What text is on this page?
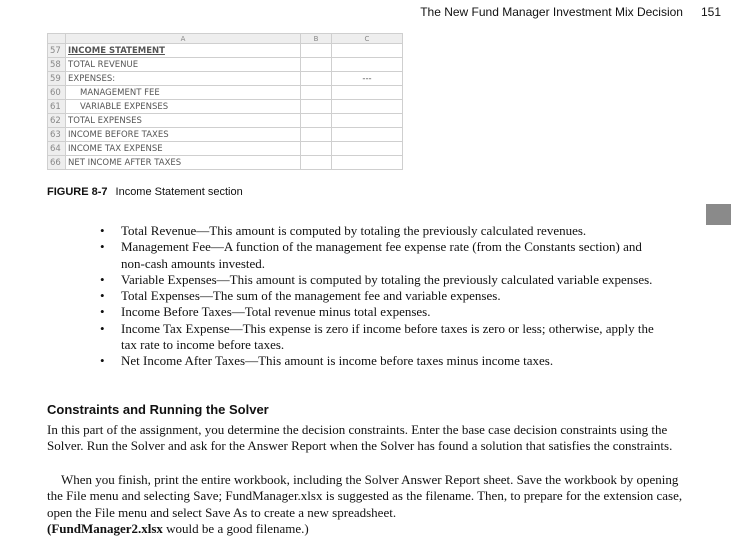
The New Fund Manager Investment Mix Decision 151
	A	B	C
57	INCOME STATEMENT		
58	TOTAL REVENUE		
59	EXPENSES:		---
60	MANAGEMENT FEE		
61	VARIABLE EXPENSES		
62	TOTAL EXPENSES		
63	INCOME BEFORE TAXES		
64	INCOME TAX EXPENSE		
66	NET INCOME AFTER TAXES		
FIGURE 8-7 Income Statement section
• Total Revenue—This amount is computed by totaling the previously calculated revenues.
• Management Fee—A function of the management fee expense rate (from the Constants section) and non-cash amounts invested.
• Variable Expenses—This amount is computed by totaling the previously calculated variable expenses.
• Total Expenses—The sum of the management fee and variable expenses.
• Income Before Taxes—Total revenue minus total expenses.
• Income Tax Expense—This expense is zero if income before taxes is zero or less; otherwise, apply the tax rate to income before taxes.
• Net Income After Taxes—This amount is income before taxes minus income taxes.
Constraints and Running the Solver

In this part of the assignment, you determine the decision constraints. Enter the base case decision constraints using the Solver. Run the Solver and ask for the Answer Report when the Solver has found a solution that satisfies the constraints.

When you finish, print the entire workbook, including the Solver Answer Report sheet. Save the workbook by opening the File menu and selecting Save; FundManager.xlsx is suggested as the filename. Then, to prepare for the extension case, open the File menu and select Save As to create a new spreadsheet.
(FundManager2.xlsx would be a good filename.)
